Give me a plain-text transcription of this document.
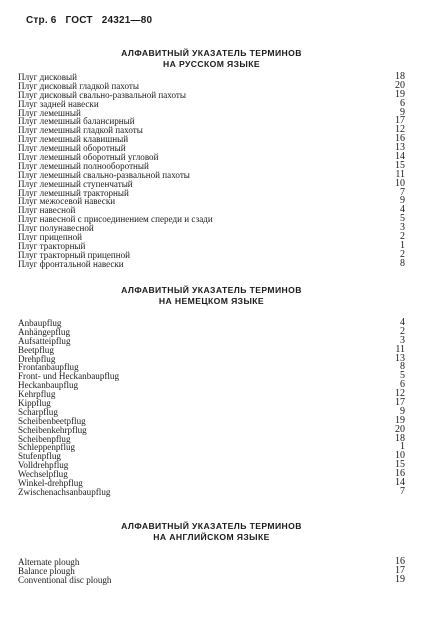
Стр. 6 ГОСТ 24321—80
АЛФАВИТНЫЙ УКАЗАТЕЛЬ ТЕРМИНОВ
НА РУССКОМ ЯЗЫКЕ
Плуг дисковый	18
Плуг дисковый гладкой пахоты	20
Плуг дисковый свально-развальной пахоты	19
Плуг задней навески	6
Плуг лемешный	9
Плуг лемешный балансирный	17
Плуг лемешный гладкой пахоты	12
Плуг лемешный клавишный	16
Плуг лемешный оборотный	13
Плуг лемешный оборотный угловой	14
Плуг лемешный полнооборотный	15
Плуг лемешный свально-развальной пахоты	11
Плуг лемешный ступенчатый	10
Плуг лемешный тракторный	7
Плуг межосевой навески	9
Плуг навесной	4
Плуг навесной с присоединением спереди и сзади	5
Плуг полунавесной	3
Плуг прицепной	2
Плуг тракторный	1
Плуг тракторный прицепной	2
Плуг фронтальной навески	8
АЛФАВИТНЫЙ УКАЗАТЕЛЬ ТЕРМИНОВ
НА НЕМЕЦКОМ ЯЗЫКЕ
Anbaupflug	4
Anhängepflug	2
Aufsatteipflug	3
Beetpflug	11
Drehpflug	13
Frontanbaupflug	8
Front- und Heckanbaupflug	5
Heckanbaupflug	6
Kehrpflug	12
Kippflug	17
Scharpflug	9
Scheibenbeetpflug	19
Scheibenkehrpflug	20
Scheibenpflug	18
Schleppenpflug	1
Stufenpflug	10
Volldrehpflug	15
Wechselpflug	16
Winkel-drehpflug	14
Zwischenachsanbaupflug	7
АЛФАВИТНЫЙ УКАЗАТЕЛЬ ТЕРМИНОВ
НА АНГЛИЙСКОМ ЯЗЫКЕ
Alternate plough	16
Balance plough	17
Conventional disc plough	19
